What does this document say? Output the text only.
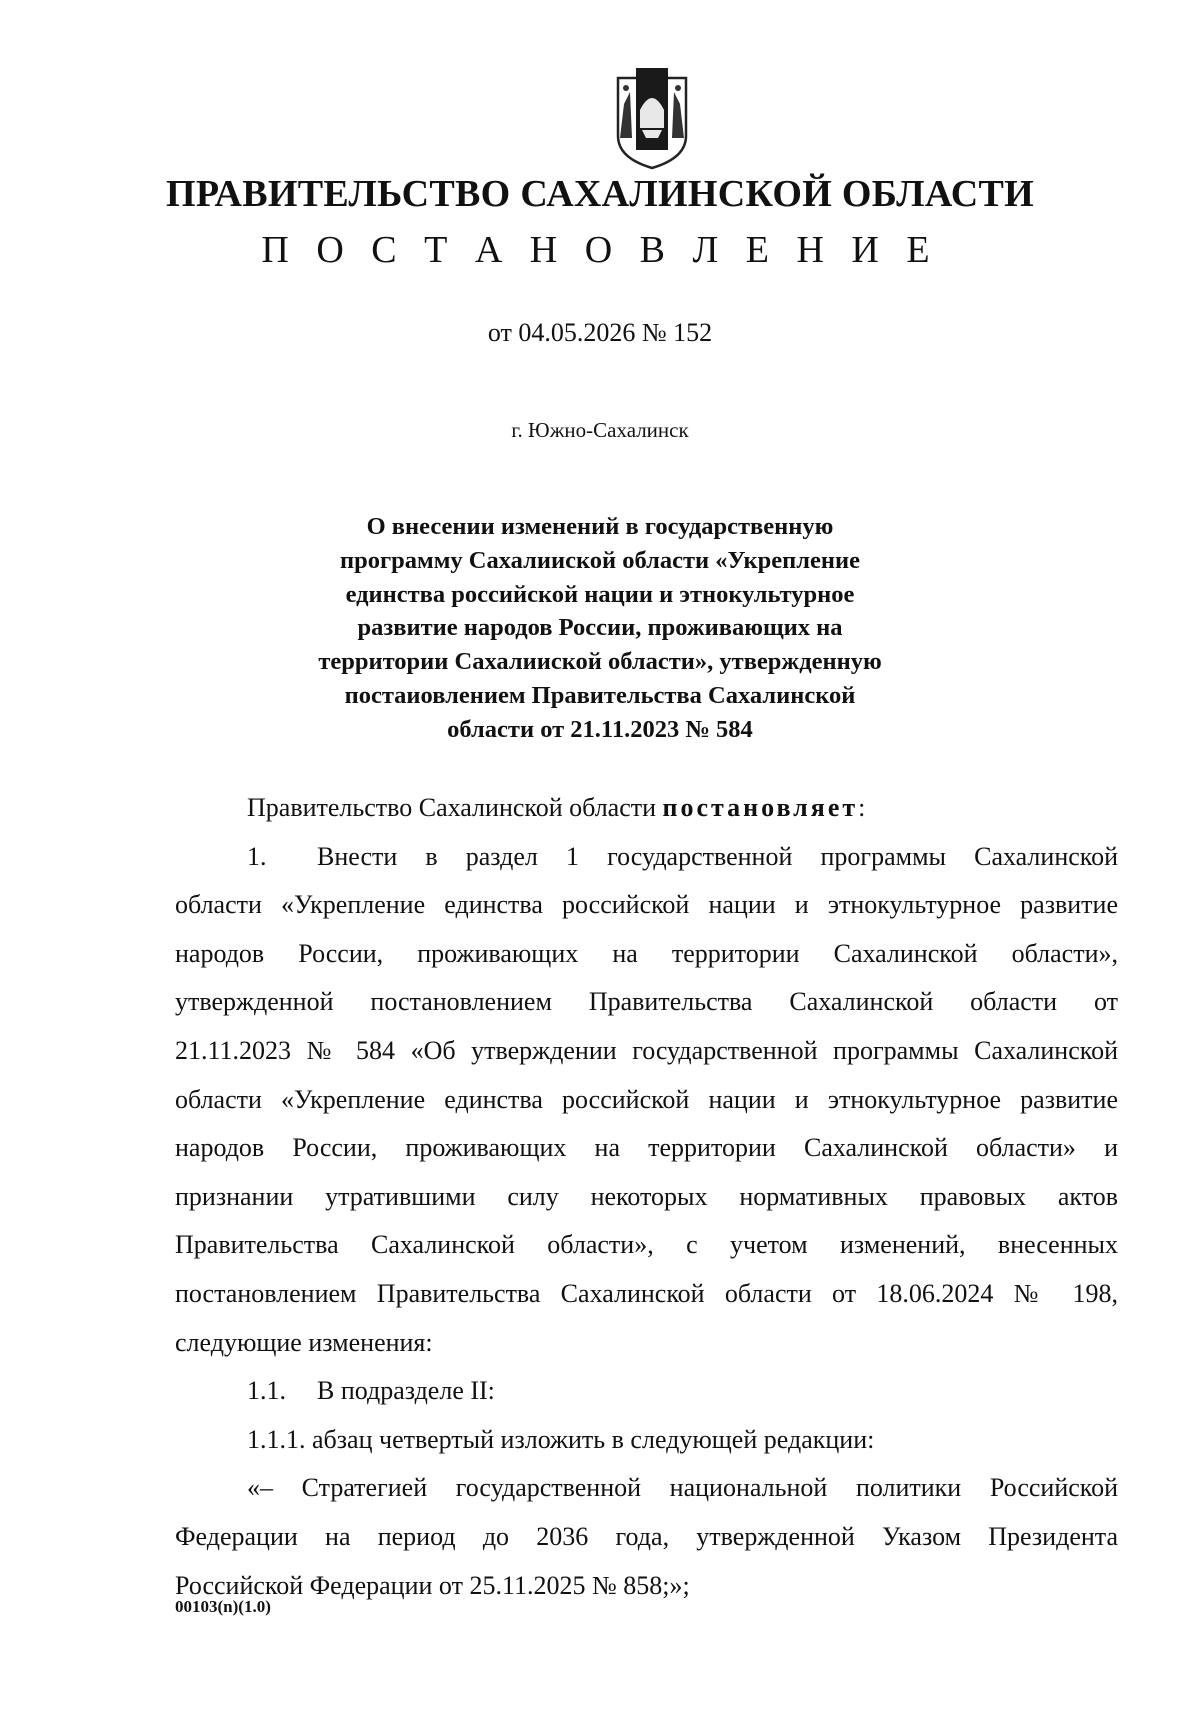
ПРАВИТЕЛЬСТВО САХАЛИНСКОЙ ОБЛАСТИ
П О С Т А Н О В Л Е Н И Е
от 04.05.2026 № 152
г. Южно-Сахалинск
О внесении изменений в государственную
программу Сахалииской области «Укрепление
единства российской нации и этнокультурное
развитие народов России, проживающих на
территории Сахалииской области», утвержденную
постаиовлением Правительства Сахалинской
области от 21.11.2023 № 584
Правительство Сахалинской области постановляет:
1. Внести в раздел 1 государственной программы Сахалинской
области «Укрепление единства российской нации и этнокультурное развитие
народов России, проживающих на территории Сахалинской области»,
утвержденной постановлением Правительства Сахалинской области от
21.11.2023 № 584 «Об утверждении государственной программы Сахалинской
области «Укрепление единства российской нации и этнокультурное развитие
народов России, проживающих на территории Сахалинской области» и
признании утратившими силу некоторых нормативных правовых актов
Правительства Сахалинской области», с учетом изменений, внесенных
постановлением Правительства Сахалинской области от 18.06.2024 № 198,
следующие изменения:
1.1. В подразделе II:
1.1.1. абзац четвертый изложить в следующей редакции:
«– Стратегией государственной национальной политики Российской
Федерации на период до 2036 года, утвержденной Указом Президента
Российской Федерации от 25.11.2025 № 858;»;
00103(n)(1.0)
